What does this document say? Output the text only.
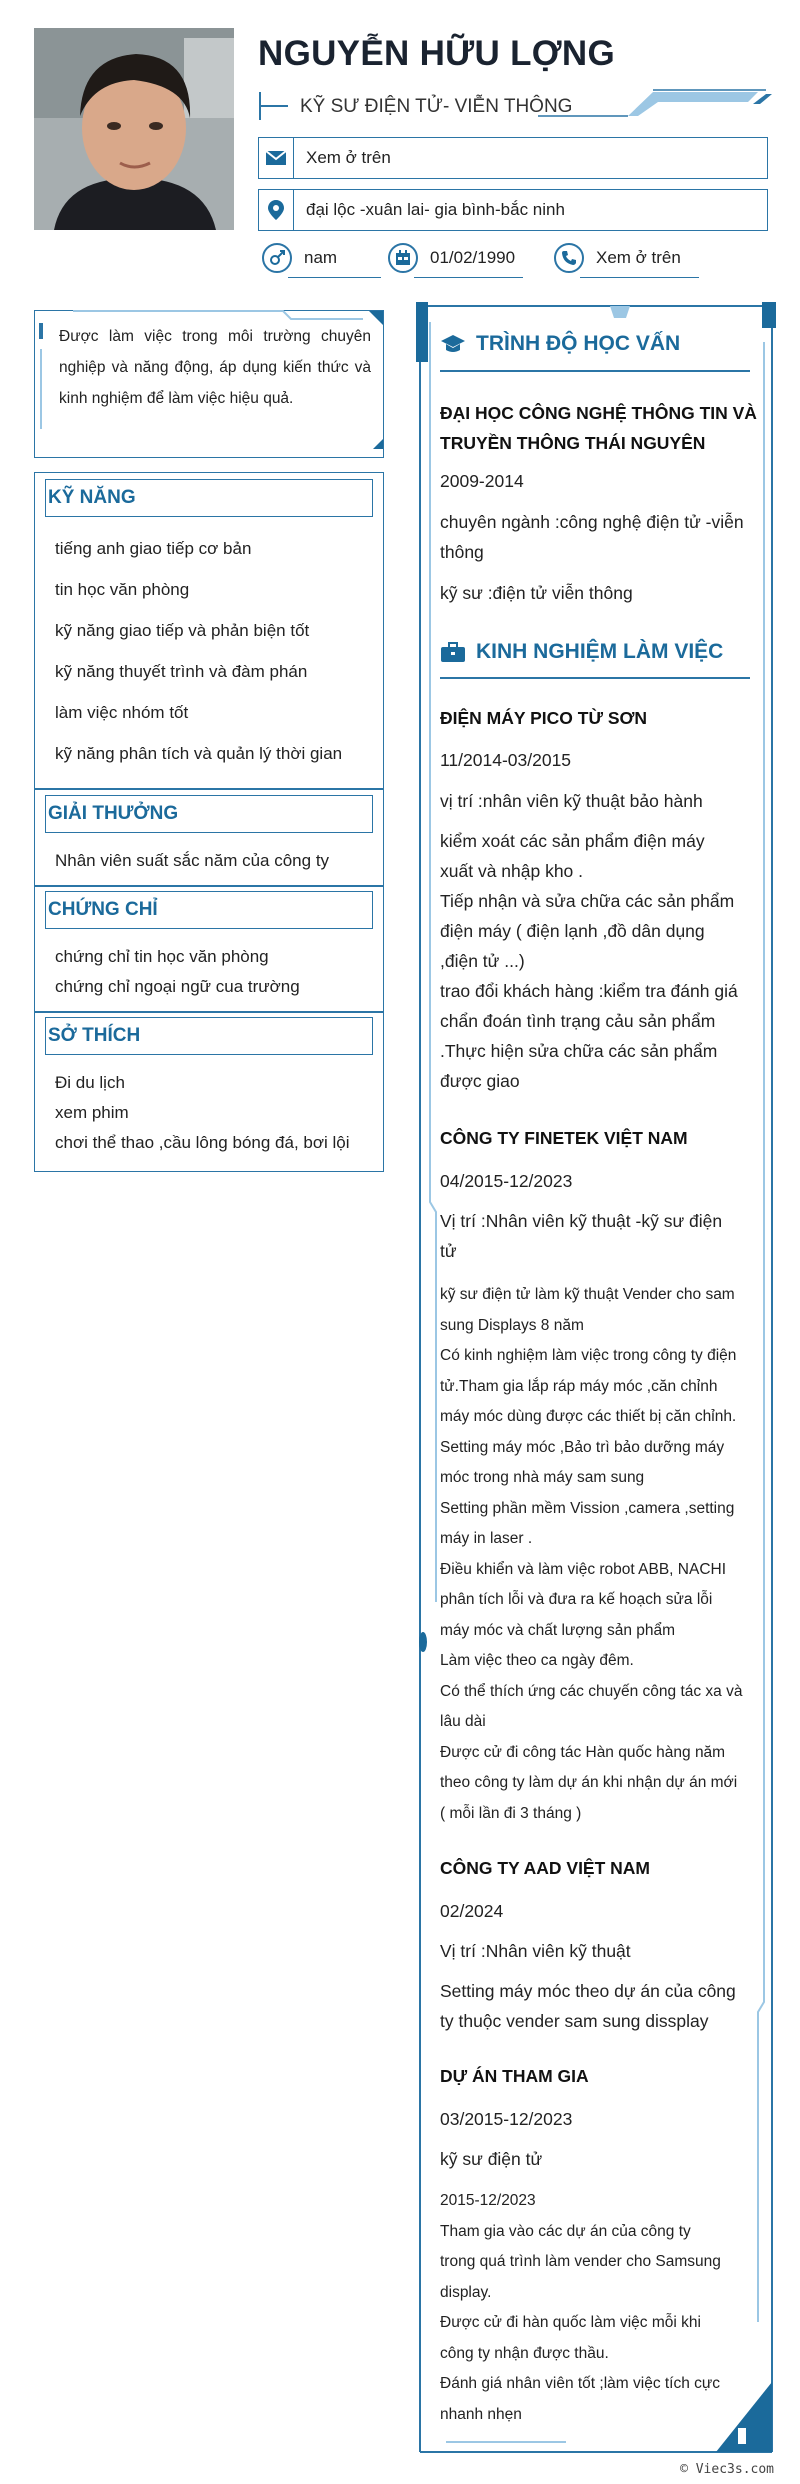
NGUYỄN HỮU LỢNG
KỸ SƯ ĐIỆN TỬ- VIỄN THÔNG
Xem ở trên
đại lộc -xuân lai- gia bình-bắc ninh
nam	01/02/1990	Xem ở trên
Được làm việc trong môi trường chuyên nghiệp và năng động, áp dụng kiến thức và kinh nghiệm để làm việc hiệu quả.
KỸ NĂNG
tiếng anh giao tiếp cơ bản
tin học văn phòng
kỹ năng giao tiếp và phản biện tốt
kỹ năng thuyết trình và đàm phán
làm việc nhóm tốt
kỹ năng phân tích và quản lý thời gian
GIẢI THƯỞNG
Nhân viên suất sắc năm của công ty
CHỨNG CHỈ
chứng chỉ tin học văn phòng
chứng chỉ ngoại ngữ cua trường
SỞ THÍCH
Đi du lịch
xem phim
chơi thể thao ,cầu lông bóng đá, bơi lội
TRÌNH ĐỘ HỌC VẤN
ĐẠI HỌC CÔNG NGHỆ THÔNG TIN VÀ
TRUYỀN THÔNG THÁI NGUYÊN
2009-2014
chuyên ngành :công nghệ điện tử -viễn
thông
kỹ sư :điện tử viễn thông
KINH NGHIỆM LÀM VIỆC
ĐIỆN MÁY PICO TỪ SƠN
11/2014-03/2015
vị trí :nhân viên kỹ thuật bảo hành
kiểm xoát các sản phẩm điện máy
xuất và nhập kho .
Tiếp nhận và sửa chữa các sản phẩm
điện máy ( điện lạnh ,đồ dân dụng
,điện tử ...)
trao đổi khách hàng :kiểm tra đánh giá
chẩn đoán tình trạng cảu sản phẩm
.Thực hiện sửa chữa các sản phẩm
được giao
CÔNG TY FINETEK VIỆT NAM
04/2015-12/2023
Vị trí :Nhân viên kỹ thuật -kỹ sư điện
tử
kỹ sư điện tử làm kỹ thuật Vender cho sam
sung Displays 8 năm
Có kinh nghiệm làm việc trong công ty điện
tử.Tham gia lắp ráp máy móc ,căn chỉnh
máy móc dùng được các thiết bị căn chỉnh.
Setting máy móc ,Bảo trì bảo dưỡng máy
móc trong nhà máy sam sung
Setting phần mềm Vission ,camera ,setting
máy in laser .
Điều khiển và làm việc robot ABB, NACHI
phân tích lỗi và đưa ra kế hoạch sửa lỗi
máy móc và chất lượng sản phẩm
Làm việc theo ca ngày đêm.
Có thể thích ứng các chuyến công tác xa và
lâu dài
Được cử đi công tác Hàn quốc hàng năm
theo công ty làm dự án khi nhận dự án mới
( mỗi lần đi 3 tháng )
CÔNG TY AAD VIỆT NAM
02/2024
Vị trí :Nhân viên kỹ thuật
Setting máy móc theo dự án của công
ty thuộc vender sam sung dissplay
DỰ ÁN THAM GIA
03/2015-12/2023
kỹ sư điện tử
2015-12/2023
Tham gia vào các dự án của công ty
trong quá trình làm vender cho Samsung
display.
Được cử đi hàn quốc làm việc mỗi khi
công ty nhận được thầu.
Đánh giá nhân viên tốt ;làm việc tích cực
nhanh nhẹn
© Viec3s.com
